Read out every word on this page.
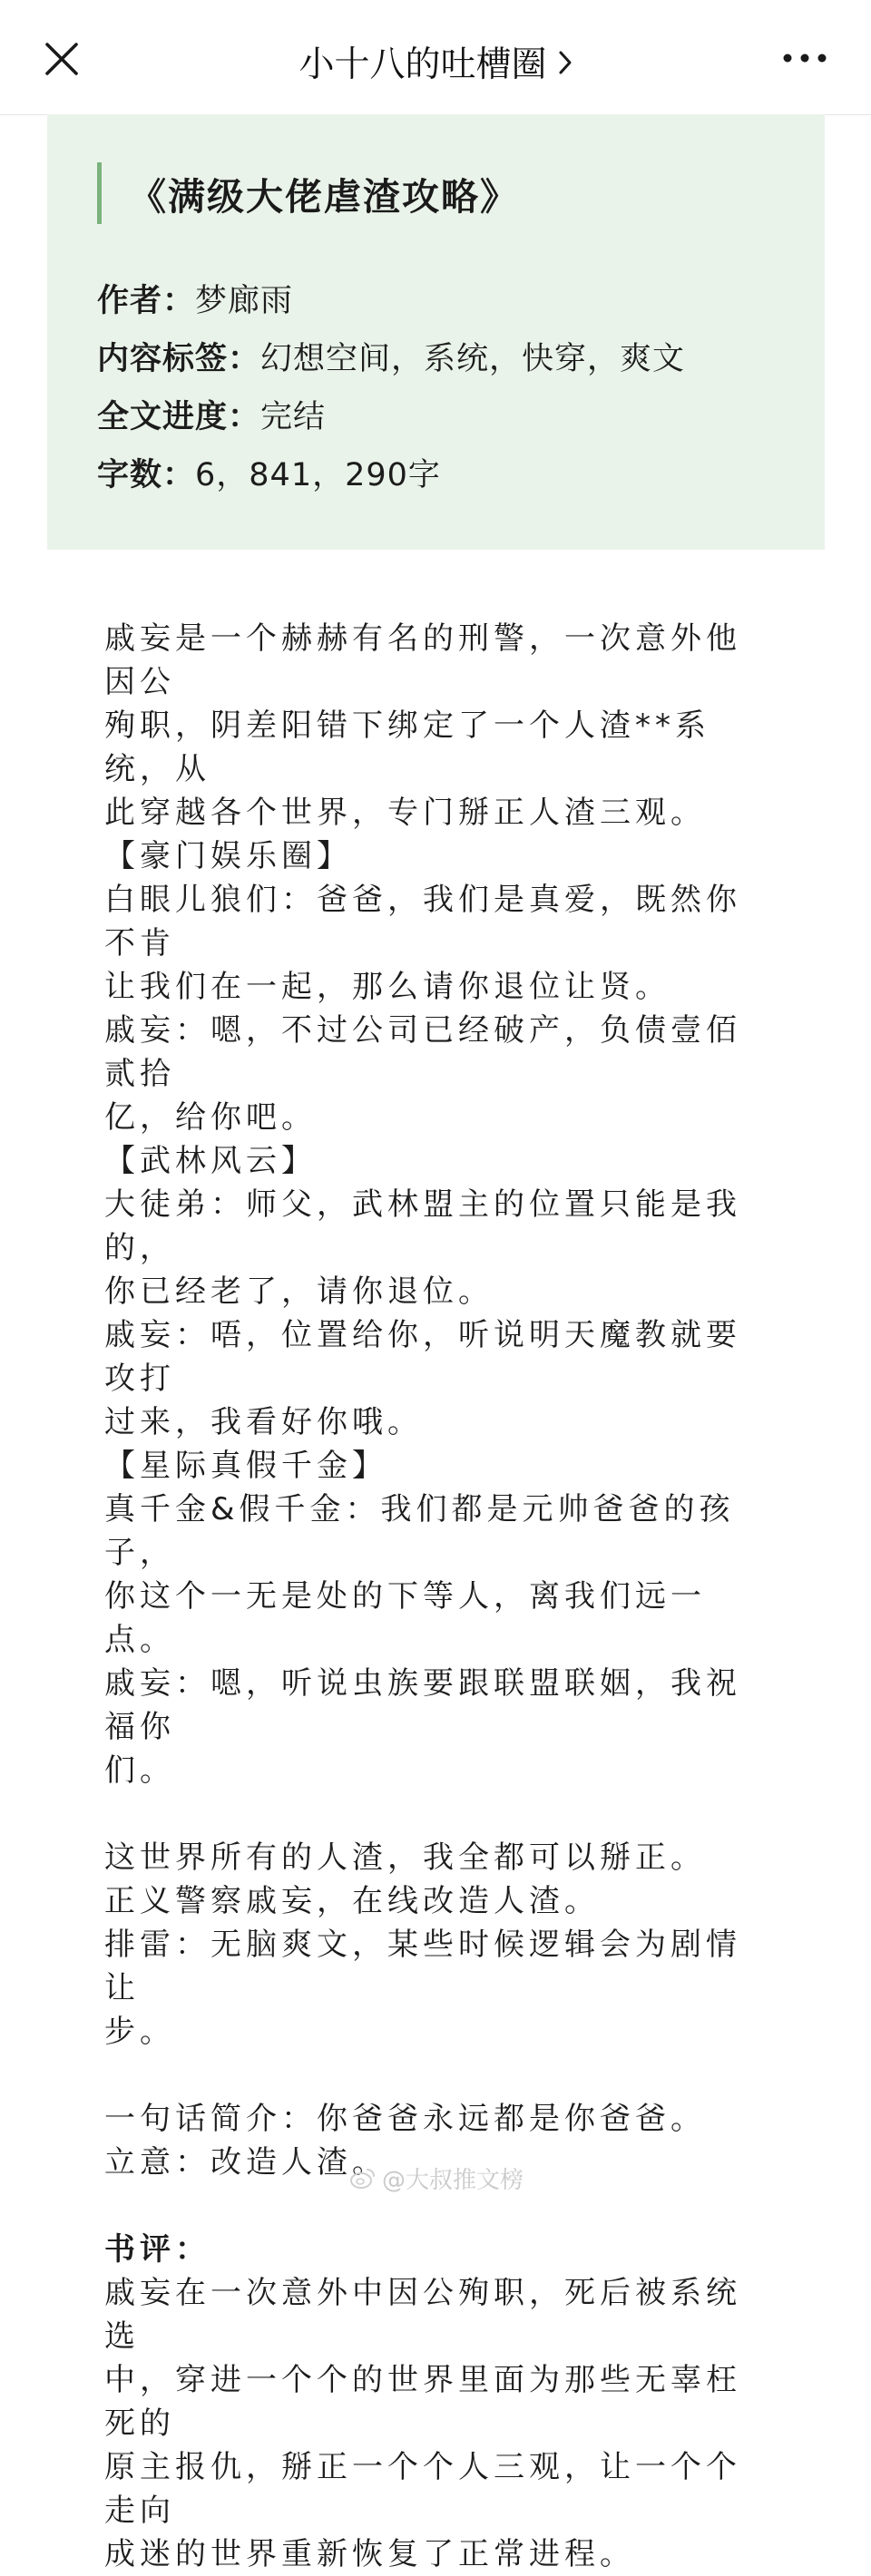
小十八的吐槽圈
《满级大佬虐渣攻略》
作者：梦廊雨
内容标签：幻想空间，系统，快穿，爽文
全文进度：完结
字数：6，841，290字

戚妄是一个赫赫有名的刑警，一次意外他因公

殉职，阴差阳错下绑定了一个人渣**系统，从

此穿越各个世界，专门掰正人渣三观。

【豪门娱乐圈】

白眼儿狼们：爸爸，我们是真爱，既然你不肯

让我们在一起，那么请你退位让贤。

戚妄：嗯，不过公司已经破产，负债壹佰贰拾

亿，给你吧。

【武林风云】

大徒弟：师父，武林盟主的位置只能是我的，

你已经老了，请你退位。

戚妄：唔，位置给你，听说明天魔教就要攻打

过来，我看好你哦。

【星际真假千金】

真千金&假千金：我们都是元帅爸爸的孩子，

你这个一无是处的下等人，离我们远一点。

戚妄：嗯，听说虫族要跟联盟联姻，我祝福你

们。

这世界所有的人渣，我全都可以掰正。

正义警察戚妄，在线改造人渣。

排雷：无脑爽文，某些时候逻辑会为剧情让

步。

一句话简介：你爸爸永远都是你爸爸。

立意：改造人渣。

书评：

戚妄在一次意外中因公殉职，死后被系统选

中，穿进一个个的世界里面为那些无辜枉死的

原主报仇，掰正一个个人三观，让一个个走向

成迷的世界重新恢复了正常进程。

@大叔推文榜
